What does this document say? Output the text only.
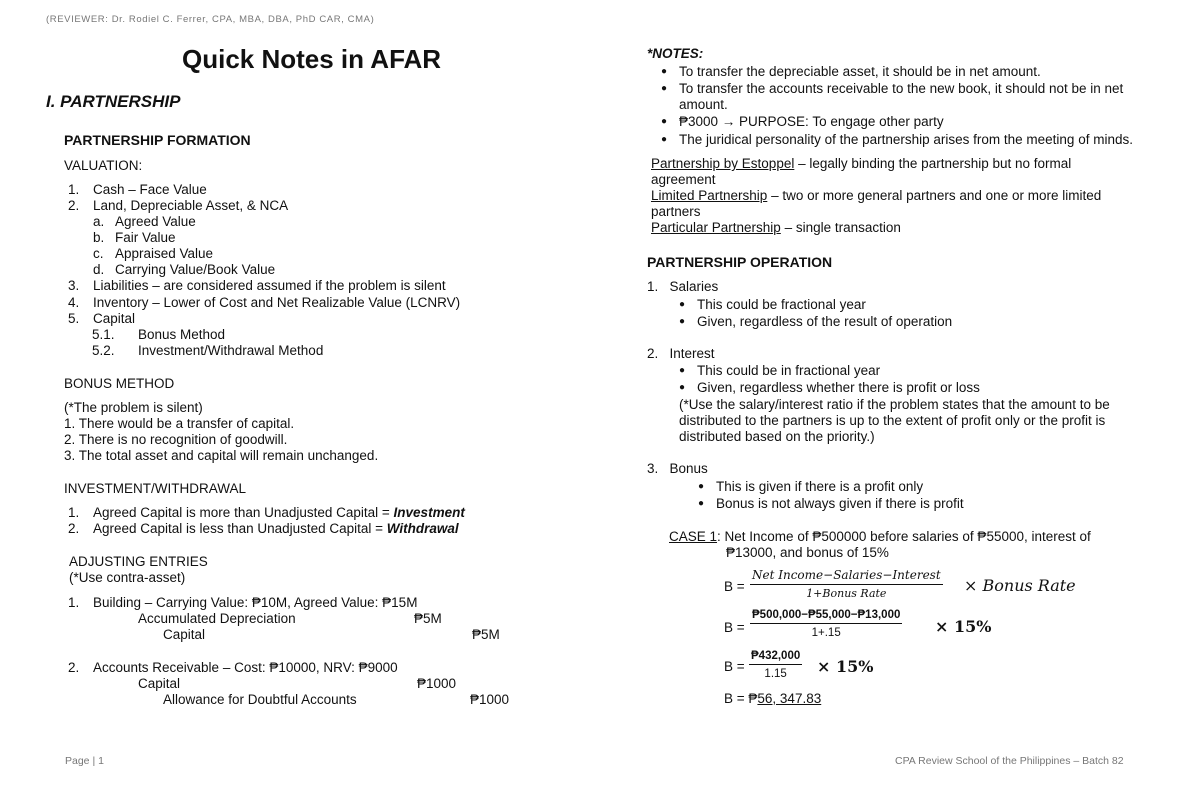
(REVIEWER: Dr. Rodiel C. Ferrer, CPA, MBA, DBA, PhD CAR, CMA)
Quick Notes in AFAR
I. PARTNERSHIP
PARTNERSHIP FORMATION
VALUATION:
1. Cash – Face Value
2. Land, Depreciable Asset, & NCA
a. Agreed Value
b. Fair Value
c. Appraised Value
d. Carrying Value/Book Value
3. Liabilities – are considered assumed if the problem is silent
4. Inventory – Lower of Cost and Net Realizable Value (LCNRV)
5. Capital
5.1. Bonus Method
5.2. Investment/Withdrawal Method
BONUS METHOD
(*The problem is silent)
1. There would be a transfer of capital.
2. There is no recognition of goodwill.
3. The total asset and capital will remain unchanged.
INVESTMENT/WITHDRAWAL
1. Agreed Capital is more than Unadjusted Capital = Investment
2. Agreed Capital is less than Unadjusted Capital = Withdrawal
ADJUSTING ENTRIES
(*Use contra-asset)
1. Building – Carrying Value: ₱10M, Agreed Value: ₱15M
Accumulated Depreciation	₱5M
Capital	₱5M
2. Accounts Receivable – Cost: ₱10000, NRV: ₱9000
Capital	₱1000
Allowance for Doubtful Accounts	₱1000
*NOTES:
● To transfer the depreciable asset, it should be in net amount.
● To transfer the accounts receivable to the new book, it should not be in net
amount.
● ₱3000 → PURPOSE: To engage other party
● The juridical personality of the partnership arises from the meeting of minds.
Partnership by Estoppel – legally binding the partnership but no formal
agreement
Limited Partnership – two or more general partners and one or more limited
partners
Particular Partnership – single transaction
PARTNERSHIP OPERATION
1.   Salaries
● This could be fractional year
● Given, regardless of the result of operation
2.   Interest
● This could be in fractional year
● Given, regardless whether there is profit or loss
(*Use the salary/interest ratio if the problem states that the amount to be
distributed to the partners is up to the extent of profit only or the profit is
distributed based on the priority.)
3.   Bonus
● This is given if there is a profit only
● Bonus is not always given if there is profit
CASE 1: Net Income of ₱500000 before salaries of ₱55000, interest of
₱13000, and bonus of 15%
B =
Net Income−Salaries−Interest
1+Bonus Rate	× Bonus Rate
$B = \frac{₱500,000-₱55,000-₱13,000}{1+.15} \times 15\%$
$B = \frac{₱432,000}{1.15} \times 15\%$
B = ₱56, 347.83
Page | 1	CPA Review School of the Philippines – Batch 82
